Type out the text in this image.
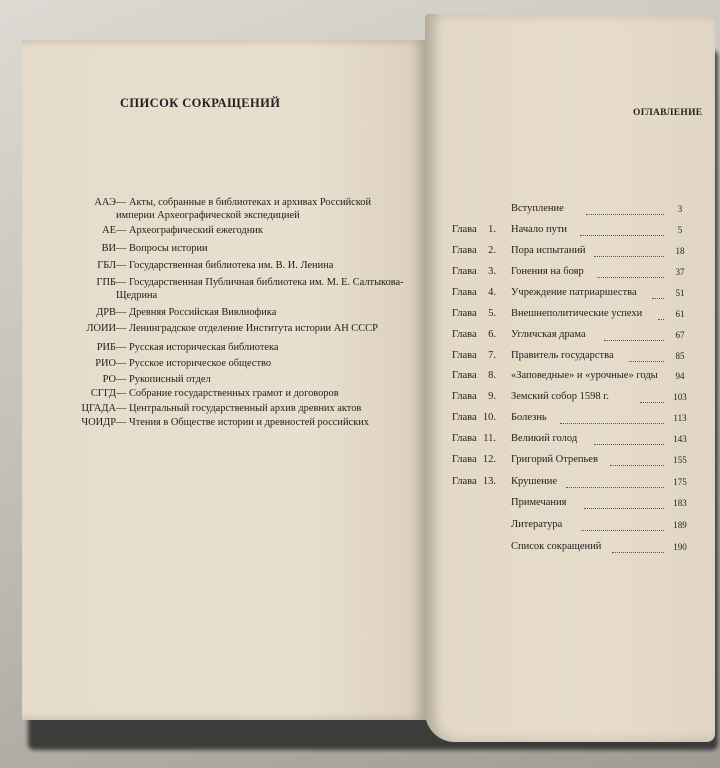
СПИСОК СОКРАЩЕНИЙ
ААЭ — Акты, собранные в библиотеках и архивах Российской империи Археографической экспедицией
АЕ — Археографический ежегодник
ВИ — Вопросы истории
ГБЛ — Государственная библиотека им. В. И. Ленина
ГПБ — Государственная Публичная библиотека им. М. Е. Салтыкова-Щедрина
ДРВ — Древняя Российская Вивлиофика
ЛОИИ — Ленинградское отделение Института истории АН СССР
РИБ — Русская историческая библиотека
РИО — Русское историческое общество
РО — Рукописный отдел
СГГД — Собрание государственных грамот и договоров
ЦГАДА — Центральный государственный архив древних актов
ЧОИДР — Чтения в Обществе истории и древностей российских
ОГЛАВЛЕНИЕ
Вступление	3
Глава 1. Начало пути	5
Глава 2. Пора испытаний	18
Глава 3. Гонения на бояр	37
Глава 4. Учреждение патриаршества	51
Глава 5. Внешнеполитические успехи	61
Глава 6. Угличская драма	67
Глава 7. Правитель государства	85
Глава 8. «Заповедные» и «урочные» годы	94
Глава 9. Земский собор 1598 г.	103
Глава 10. Болезнь	113
Глава 11. Великий голод	143
Глава 12. Григорий Отрепьев	155
Глава 13. Крушение	175
Примечания	183
Литература	189
Список сокращений	190
